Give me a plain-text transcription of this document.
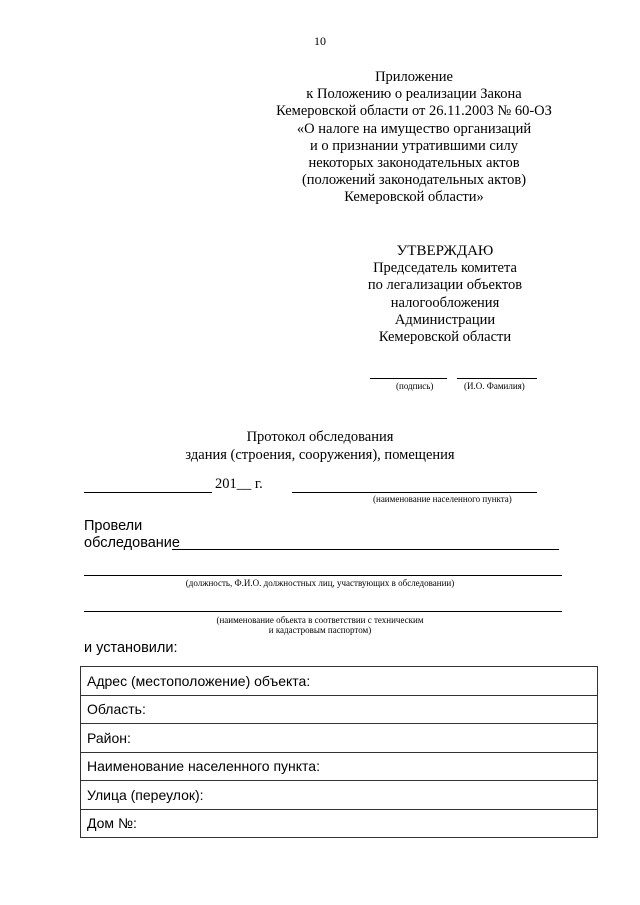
10
Приложение
к Положению о реализации Закона
Кемеровской области от 26.11.2003 № 60-ОЗ
«О налоге на имущество организаций
и о признании утратившими силу
некоторых законодательных актов
(положений законодательных актов)
Кемеровской области»
УТВЕРЖДАЮ
Председатель комитета
по легализации объектов
налогообложения
Администрации
Кемеровской области
(подпись)	(И.О. Фамилия)
Протокол обследования
здания (строения, сооружения), помещения
201__ г.
(наименование населенного пункта)
Провели
обследование
(должность, Ф.И.О. должностных лиц, участвующих в обследовании)
(наименование объекта в соответствии с техническим
и кадастровым паспортом)
и установили:
Адрес (местоположение) объекта:
Область:
Район:
Наименование населенного пункта:
Улица (переулок):
Дом №:
